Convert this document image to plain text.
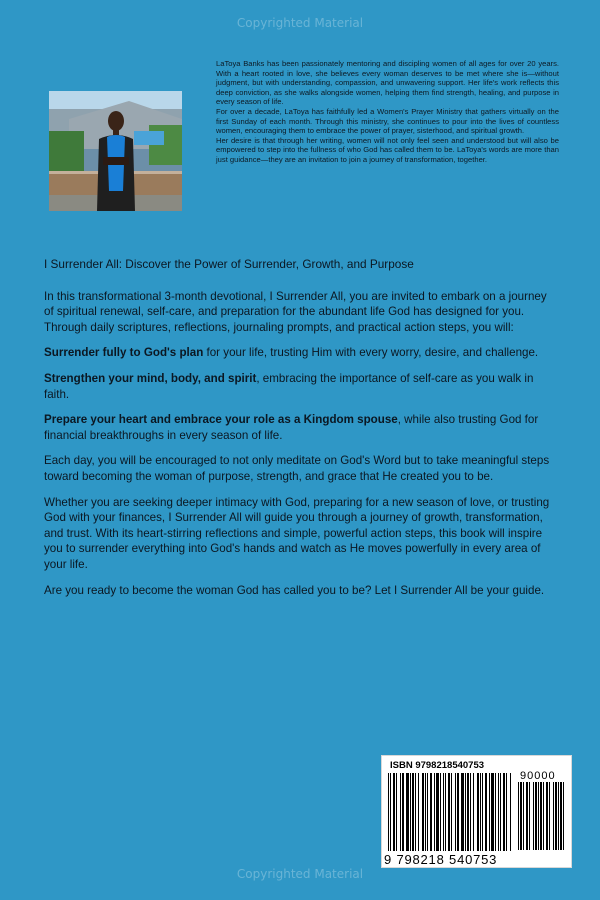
Copyrighted Material

LaToya Banks has been passionately mentoring and discipling women of all ages for over 20 years. With a heart rooted in love, she believes every woman deserves to be met where she is—without judgment, but with understanding, compassion, and unwavering support. Her life's work reflects this deep conviction, as she walks alongside women, helping them find strength, healing, and purpose in every season of life.

For over a decade, LaToya has faithfully led a Women's Prayer Ministry that gathers virtually on the first Sunday of each month. Through this ministry, she continues to pour into the lives of countless women, encouraging them to embrace the power of prayer, sisterhood, and spiritual growth.

Her desire is that through her writing, women will not only feel seen and understood but will also be empowered to step into the fullness of who God has called them to be. LaToya's words are more than just guidance—they are an invitation to join a journey of transformation, together.

I Surrender All: Discover the Power of Surrender, Growth, and Purpose

In this transformational 3-month devotional, I Surrender All, you are invited to embark on a journey of spiritual renewal, self-care, and preparation for the abundant life God has designed for you. Through daily scriptures, reflections, journaling prompts, and practical action steps, you will:

Surrender fully to God's plan for your life, trusting Him with every worry, desire, and challenge.

Strengthen your mind, body, and spirit, embracing the importance of self-care as you walk in faith.

Prepare your heart and embrace your role as a Kingdom spouse, while also trusting God for financial breakthroughs in every season of life.

Each day, you will be encouraged to not only meditate on God's Word but to take meaningful steps toward becoming the woman of purpose, strength, and grace that He created you to be.

Whether you are seeking deeper intimacy with God, preparing for a new season of love, or trusting God with your finances, I Surrender All will guide you through a journey of growth, transformation, and trust. With its heart-stirring reflections and simple, powerful action steps, this book will inspire you to surrender everything into God's hands and watch as He moves powerfully in every area of your life.

Are you ready to become the woman God has called you to be? Let I Surrender All be your guide.

ISBN 9798218540753
90000
9 798218 540753
Copyrighted Material
